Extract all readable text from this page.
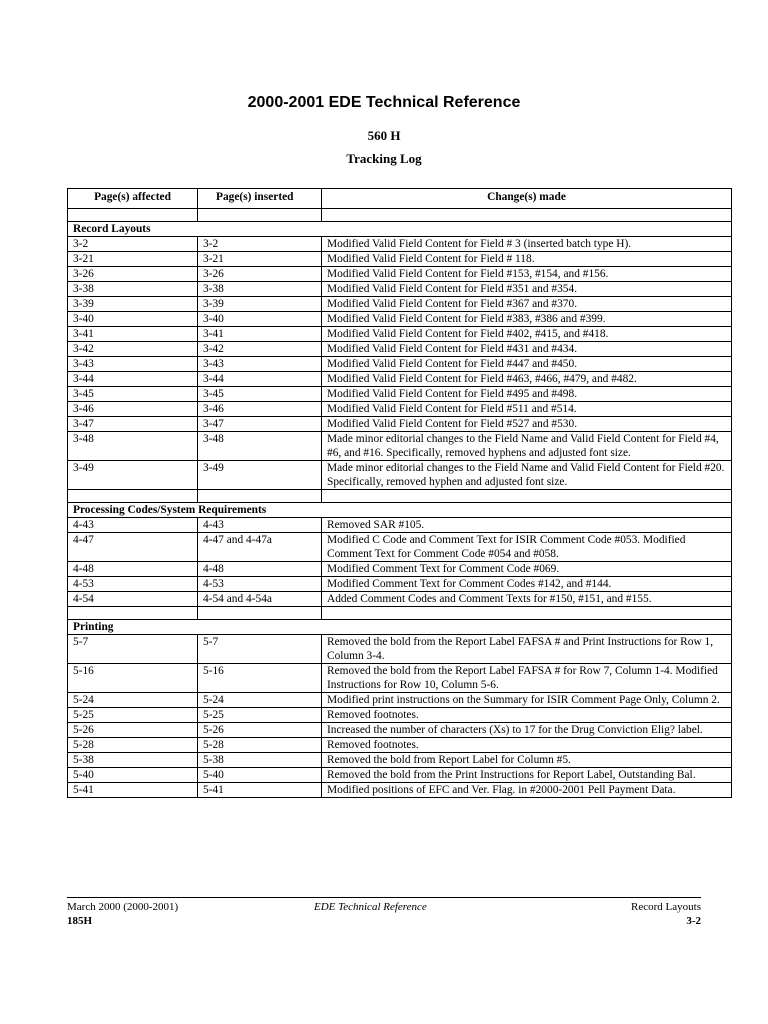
2000-2001 EDE Technical Reference
560 H
Tracking Log
Page(s) affected	Page(s) inserted	Change(s) made

Record Layouts		
3-2	3-2	Modified Valid Field Content for Field # 3 (inserted batch type H).
3-21	3-21	Modified Valid Field Content for Field # 118.
3-26	3-26	Modified Valid Field Content for Field #153, #154, and #156.
3-38	3-38	Modified Valid Field Content for Field #351 and #354.
3-39	3-39	Modified Valid Field Content for Field #367 and #370.
3-40	3-40	Modified Valid Field Content for Field #383, #386 and #399.
3-41	3-41	Modified Valid Field Content for Field #402, #415, and #418.
3-42	3-42	Modified Valid Field Content for Field #431 and #434.
3-43	3-43	Modified Valid Field Content for Field #447 and #450.
3-44	3-44	Modified Valid Field Content for Field #463, #466, #479, and #482.
3-45	3-45	Modified Valid Field Content for Field #495 and #498.
3-46	3-46	Modified Valid Field Content for Field #511 and #514.
3-47	3-47	Modified Valid Field Content for Field #527 and #530.
3-48	3-48	Made minor editorial changes to the Field Name and Valid Field Content for Field #4, #6, and #16. Specifically, removed hyphens and adjusted font size.
3-49	3-49	Made minor editorial changes to the Field Name and Valid Field Content for Field #20. Specifically, removed hyphen and adjusted font size.

Processing Codes/System Requirements		
4-43	4-43	Removed SAR #105.
4-47	4-47 and 4-47a	Modified C Code and Comment Text for ISIR Comment Code #053. Modified Comment Text for Comment Code #054 and #058.
4-48	4-48	Modified Comment Text for Comment Code #069.
4-53	4-53	Modified Comment Text for Comment Codes #142, and #144.
4-54	4-54 and 4-54a	Added Comment Codes and Comment Texts for #150, #151, and #155.

Printing		
5-7	5-7	Removed the bold from the Report Label FAFSA # and Print Instructions for Row 1, Column 3-4.
5-16	5-16	Removed the bold from the Report Label FAFSA # for Row 7, Column 1-4. Modified Instructions for Row 10, Column 5-6.
5-24	5-24	Modified print instructions on the Summary for ISIR Comment Page Only, Column 2.
5-25	5-25	Removed footnotes.
5-26	5-26	Increased the number of characters (Xs) to 17 for the Drug Conviction Elig? label.
5-28	5-28	Removed footnotes.
5-38	5-38	Removed the bold from Report Label for Column #5.
5-40	5-40	Removed the bold from the Print Instructions for Report Label, Outstanding Bal.
5-41	5-41	Modified positions of EFC and Ver. Flag. in #2000-2001 Pell Payment Data.
March 2000 (2000-2001)
185H
EDE Technical Reference	Record Layouts
3-2
